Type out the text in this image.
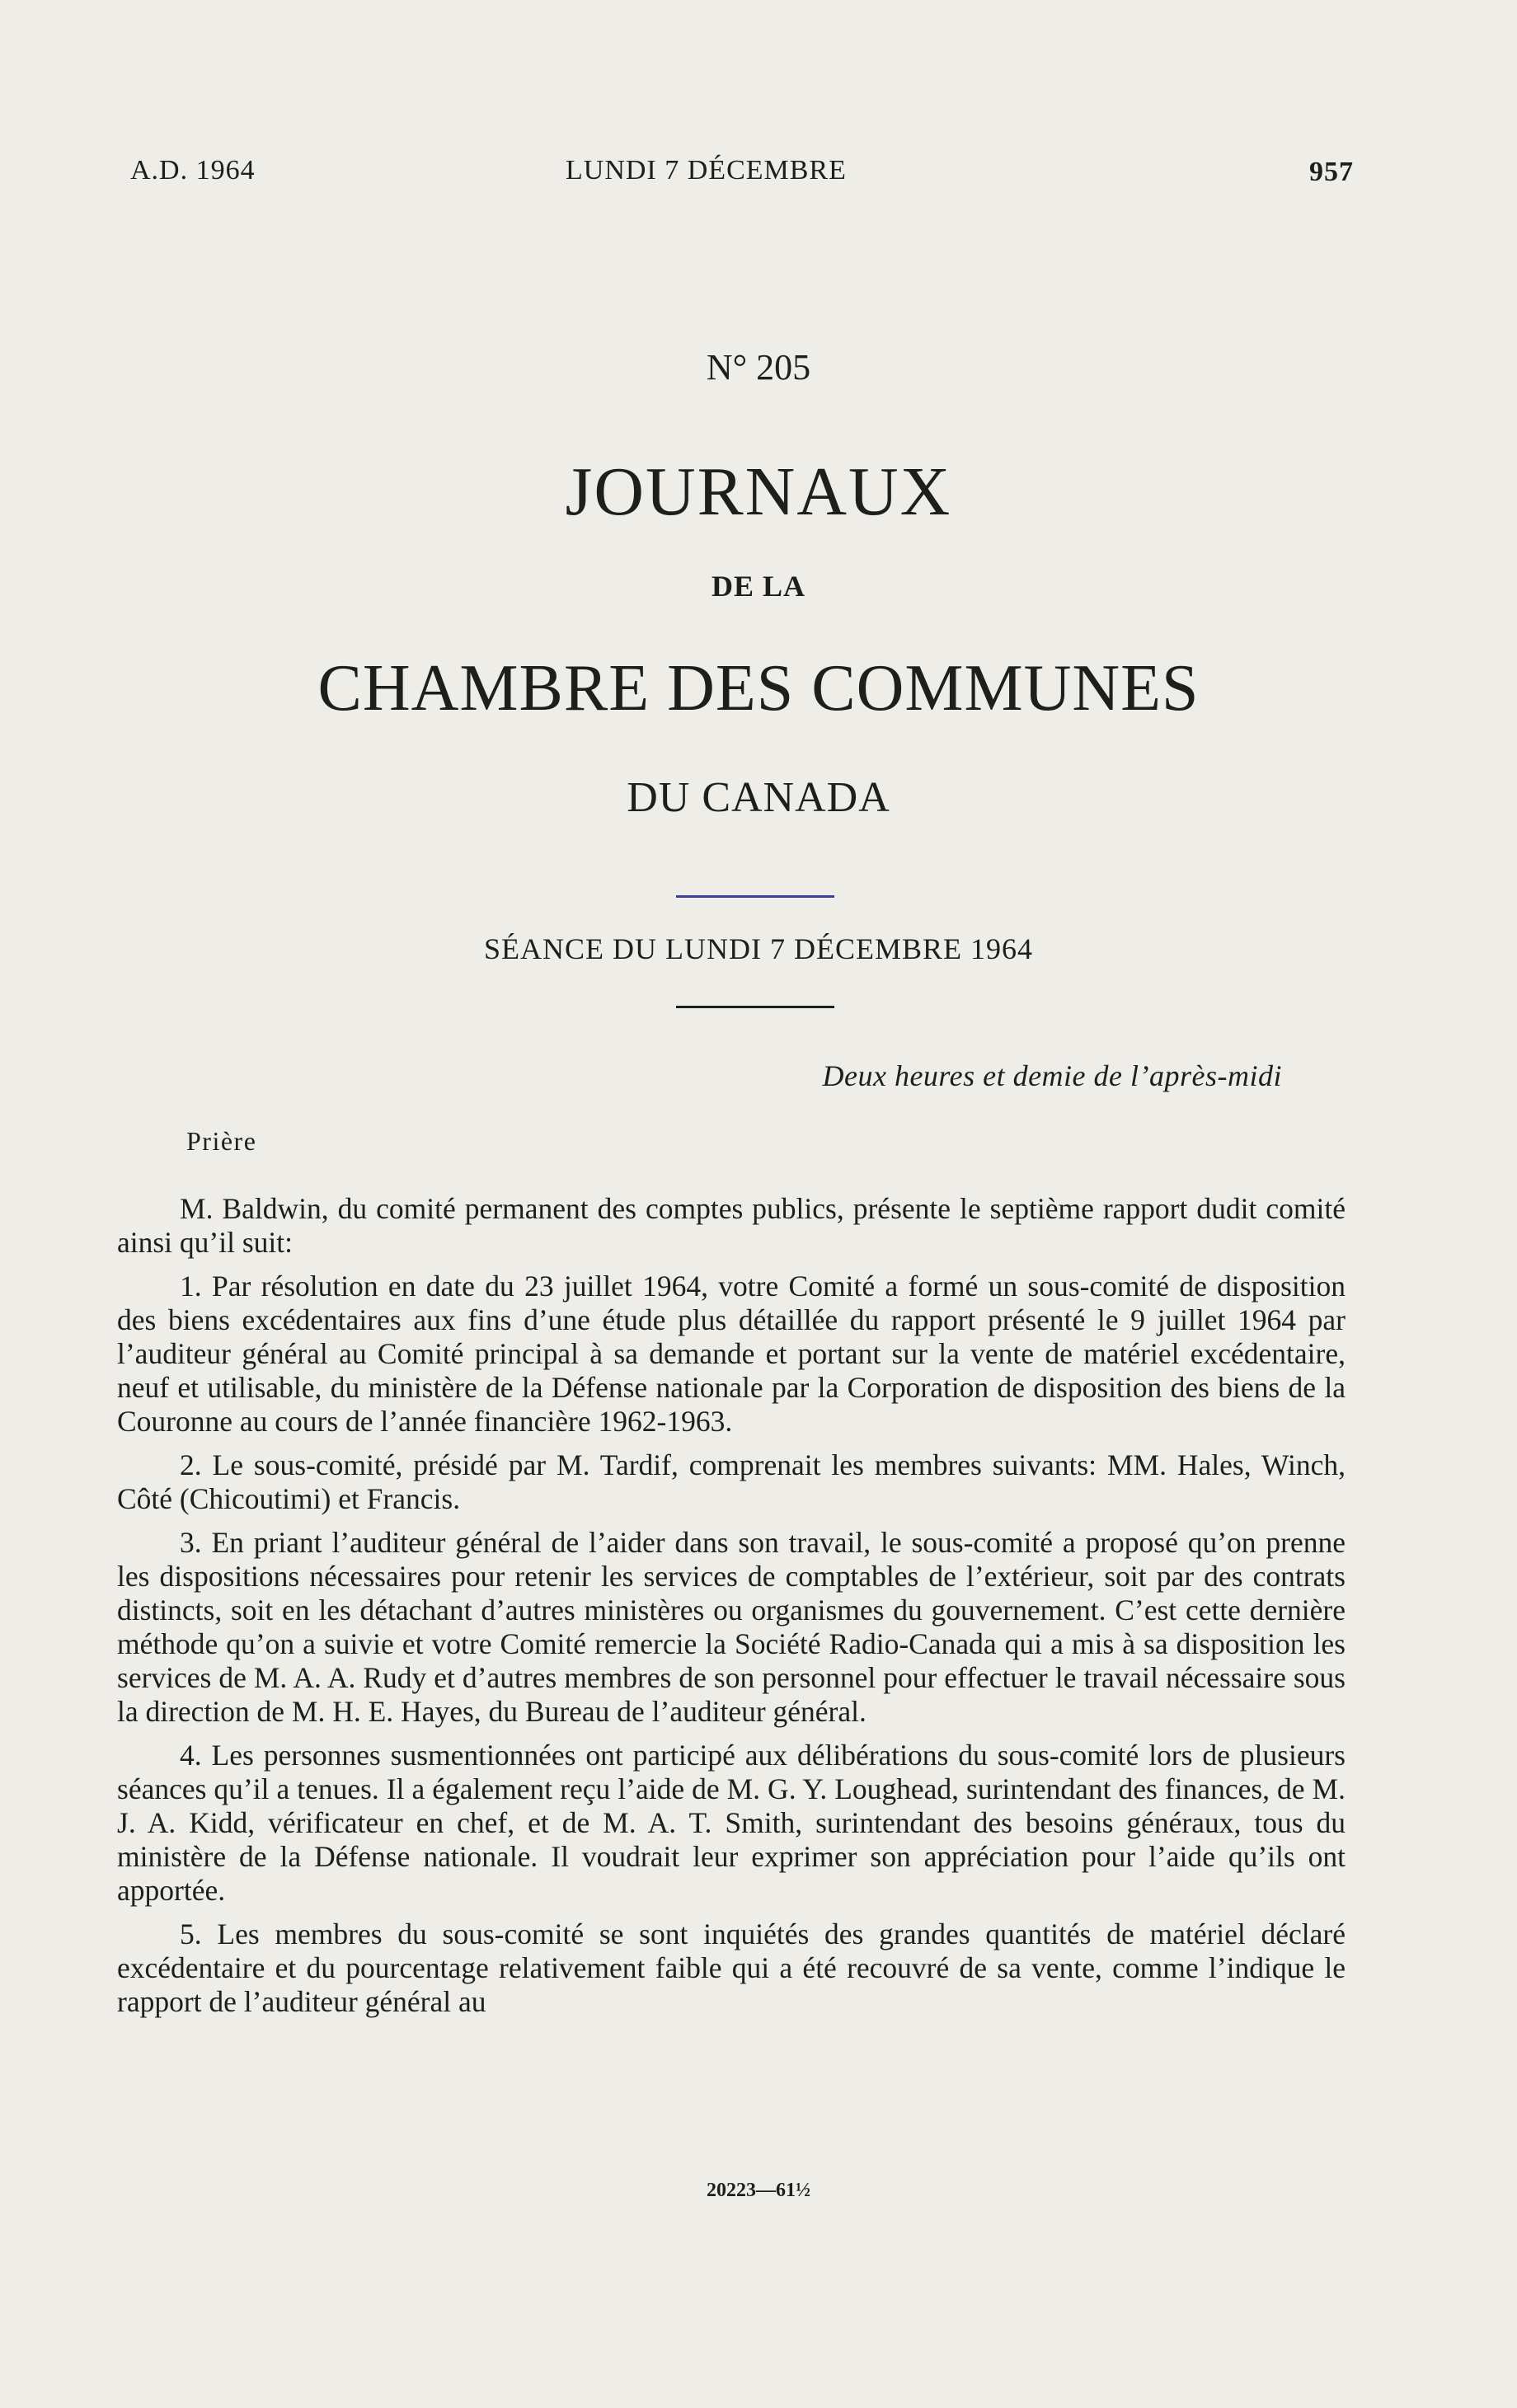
A.D. 1964	LUNDI 7 DÉCEMBRE	957
N° 205
JOURNAUX
DE LA
CHAMBRE DES COMMUNES
DU CANADA
SÉANCE DU LUNDI 7 DÉCEMBRE 1964
Deux heures et demie de l’après-midi
Prière

M. Baldwin, du comité permanent des comptes publics, présente le septième rapport dudit comité ainsi qu’il suit:

1. Par résolution en date du 23 juillet 1964, votre Comité a formé un sous-comité de disposition des biens excédentaires aux fins d’une étude plus détaillée du rapport présenté le 9 juillet 1964 par l’auditeur général au Comité principal à sa demande et portant sur la vente de matériel excédentaire, neuf et utilisable, du ministère de la Défense nationale par la Corporation de disposition des biens de la Couronne au cours de l’année financière 1962-1963.

2. Le sous-comité, présidé par M. Tardif, comprenait les membres suivants: MM. Hales, Winch, Côté (Chicoutimi) et Francis.

3. En priant l’auditeur général de l’aider dans son travail, le sous-comité a proposé qu’on prenne les dispositions nécessaires pour retenir les services de comptables de l’extérieur, soit par des contrats distincts, soit en les détachant d’autres ministères ou organismes du gouvernement. C’est cette dernière méthode qu’on a suivie et votre Comité remercie la Société Radio-Canada qui a mis à sa disposition les services de M. A. A. Rudy et d’autres membres de son personnel pour effectuer le travail nécessaire sous la direction de M. H. E. Hayes, du Bureau de l’auditeur général.

4. Les personnes susmentionnées ont participé aux délibérations du sous-comité lors de plusieurs séances qu’il a tenues. Il a également reçu l’aide de M. G. Y. Loughead, surintendant des finances, de M. J. A. Kidd, vérificateur en chef, et de M. A. T. Smith, surintendant des besoins généraux, tous du ministère de la Défense nationale. Il voudrait leur exprimer son appréciation pour l’aide qu’ils ont apportée.

5. Les membres du sous-comité se sont inquiétés des grandes quantités de matériel déclaré excédentaire et du pourcentage relativement faible qui a été recouvré de sa vente, comme l’indique le rapport de l’auditeur général au

20223—61½
